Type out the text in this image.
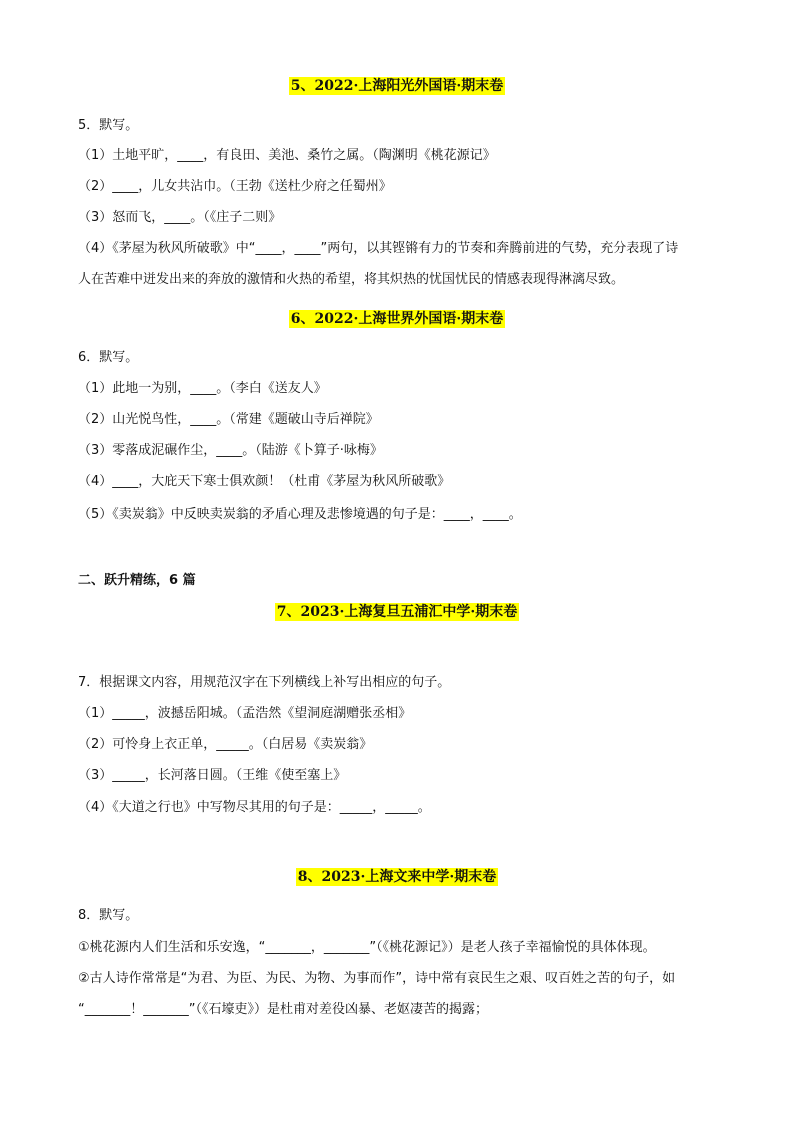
5、2022·上海阳光外国语·期末卷
5．默写。
（1）土地平旷，____，有良田、美池、桑竹之属。（陶渊明《桃花源记》
（2）____，儿女共沾巾。（王勃《送杜少府之任蜀州》
（3）怒而飞，____。（《庄子二则》
（4）《茅屋为秋风所破歌》中“____，____”两句，以其铿锵有力的节奏和奔腾前进的气势，充分表现了诗
人在苦难中迸发出来的奔放的激情和火热的希望，将其炽热的忧国忧民的情感表现得淋漓尽致。
6、2022·上海世界外国语·期末卷
6．默写。
（1）此地一为别，____。（李白《送友人》
（2）山光悦鸟性，____。（常建《题破山寺后禅院》
（3）零落成泥碾作尘，____。（陆游《卜算子·咏梅》
（4）____，大庇天下寒士俱欢颜！（杜甫《茅屋为秋风所破歌》
（5）《卖炭翁》中反映卖炭翁的矛盾心理及悲惨境遇的句子是：____，____。
二、跃升精练，6 篇
7、2023·上海复旦五浦汇中学·期末卷
7．根据课文内容，用规范汉字在下列横线上补写出相应的句子。
（1）_____，波撼岳阳城。（孟浩然《望洞庭湖赠张丞相》
（2）可怜身上衣正单，_____。（白居易《卖炭翁》
（3）_____，长河落日圆。（王维《使至塞上》
（4）《大道之行也》中写物尽其用的句子是：_____，_____。
8、2023·上海文来中学·期末卷
8．默写。
①桃花源内人们生活和乐安逸，“_______，_______”（《桃花源记》）是老人孩子幸福愉悦的具体体现。
②古人诗作常常是“为君、为臣、为民、为物、为事而作”，诗中常有哀民生之艰、叹百姓之苦的句子，如
“_______！_______”（《石壕吏》）是杜甫对差役凶暴、老妪凄苦的揭露；
